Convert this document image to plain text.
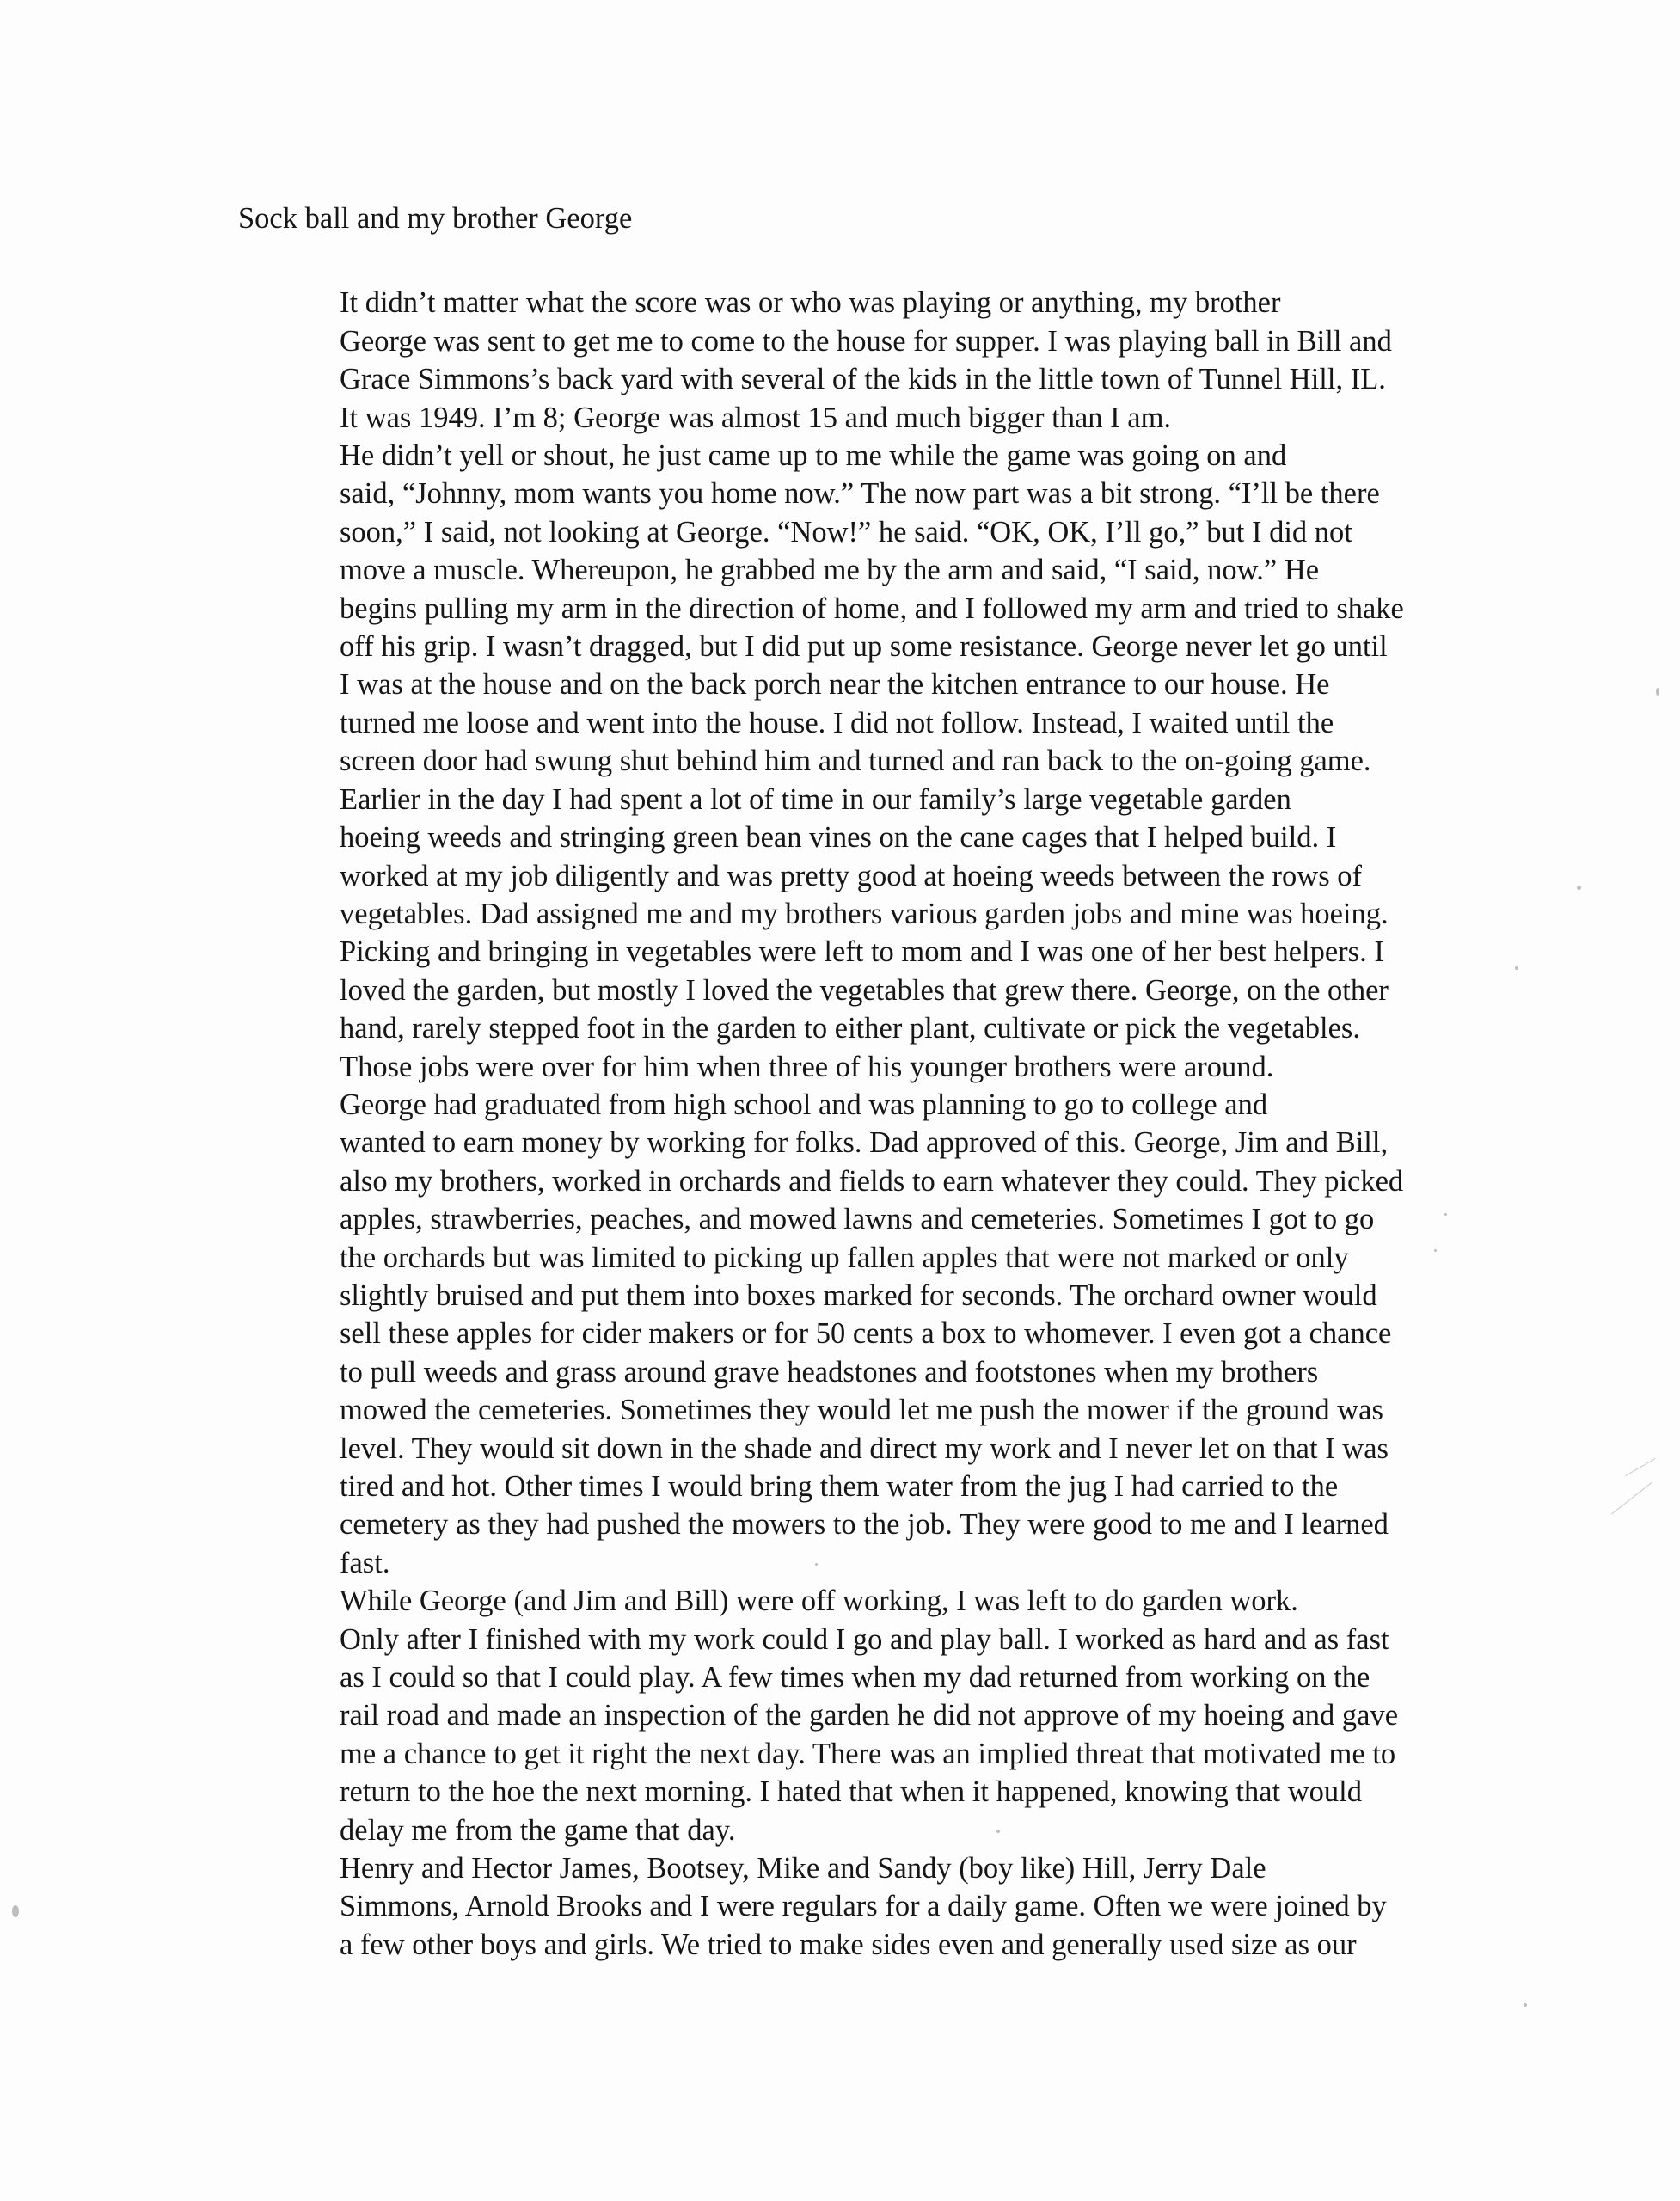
Sock ball and my brother George

It didn’t matter what the score was or who was playing or anything, my brother
George was sent to get me to come to the house for supper. I was playing ball in Bill and
Grace Simmons’s back yard with several of the kids in the little town of Tunnel Hill, IL.
It was 1949. I’m 8; George was almost 15 and much bigger than I am.

He didn’t yell or shout, he just came up to me while the game was going on and
said, “Johnny, mom wants you home now.” The now part was a bit strong. “I’ll be there
soon,” I said, not looking at George. “Now!” he said. “OK, OK, I’ll go,” but I did not
move a muscle. Whereupon, he grabbed me by the arm and said, “I said, now.” He
begins pulling my arm in the direction of home, and I followed my arm and tried to shake
off his grip. I wasn’t dragged, but I did put up some resistance. George never let go until
I was at the house and on the back porch near the kitchen entrance to our house. He
turned me loose and went into the house. I did not follow. Instead, I waited until the
screen door had swung shut behind him and turned and ran back to the on-going game.

Earlier in the day I had spent a lot of time in our family’s large vegetable garden
hoeing weeds and stringing green bean vines on the cane cages that I helped build. I
worked at my job diligently and was pretty good at hoeing weeds between the rows of
vegetables. Dad assigned me and my brothers various garden jobs and mine was hoeing.
Picking and bringing in vegetables were left to mom and I was one of her best helpers. I
loved the garden, but mostly I loved the vegetables that grew there. George, on the other
hand, rarely stepped foot in the garden to either plant, cultivate or pick the vegetables.
Those jobs were over for him when three of his younger brothers were around.

George had graduated from high school and was planning to go to college and
wanted to earn money by working for folks. Dad approved of this. George, Jim and Bill,
also my brothers, worked in orchards and fields to earn whatever they could. They picked
apples, strawberries, peaches, and mowed lawns and cemeteries. Sometimes I got to go
the orchards but was limited to picking up fallen apples that were not marked or only
slightly bruised and put them into boxes marked for seconds. The orchard owner would
sell these apples for cider makers or for 50 cents a box to whomever. I even got a chance
to pull weeds and grass around grave headstones and footstones when my brothers
mowed the cemeteries. Sometimes they would let me push the mower if the ground was
level. They would sit down in the shade and direct my work and I never let on that I was
tired and hot. Other times I would bring them water from the jug I had carried to the
cemetery as they had pushed the mowers to the job. They were good to me and I learned
fast.

While George (and Jim and Bill) were off working, I was left to do garden work.
Only after I finished with my work could I go and play ball. I worked as hard and as fast
as I could so that I could play. A few times when my dad returned from working on the
rail road and made an inspection of the garden he did not approve of my hoeing and gave
me a chance to get it right the next day. There was an implied threat that motivated me to
return to the hoe the next morning. I hated that when it happened, knowing that would
delay me from the game that day.

Henry and Hector James, Bootsey, Mike and Sandy (boy like) Hill, Jerry Dale
Simmons, Arnold Brooks and I were regulars for a daily game. Often we were joined by
a few other boys and girls. We tried to make sides even and generally used size as our
